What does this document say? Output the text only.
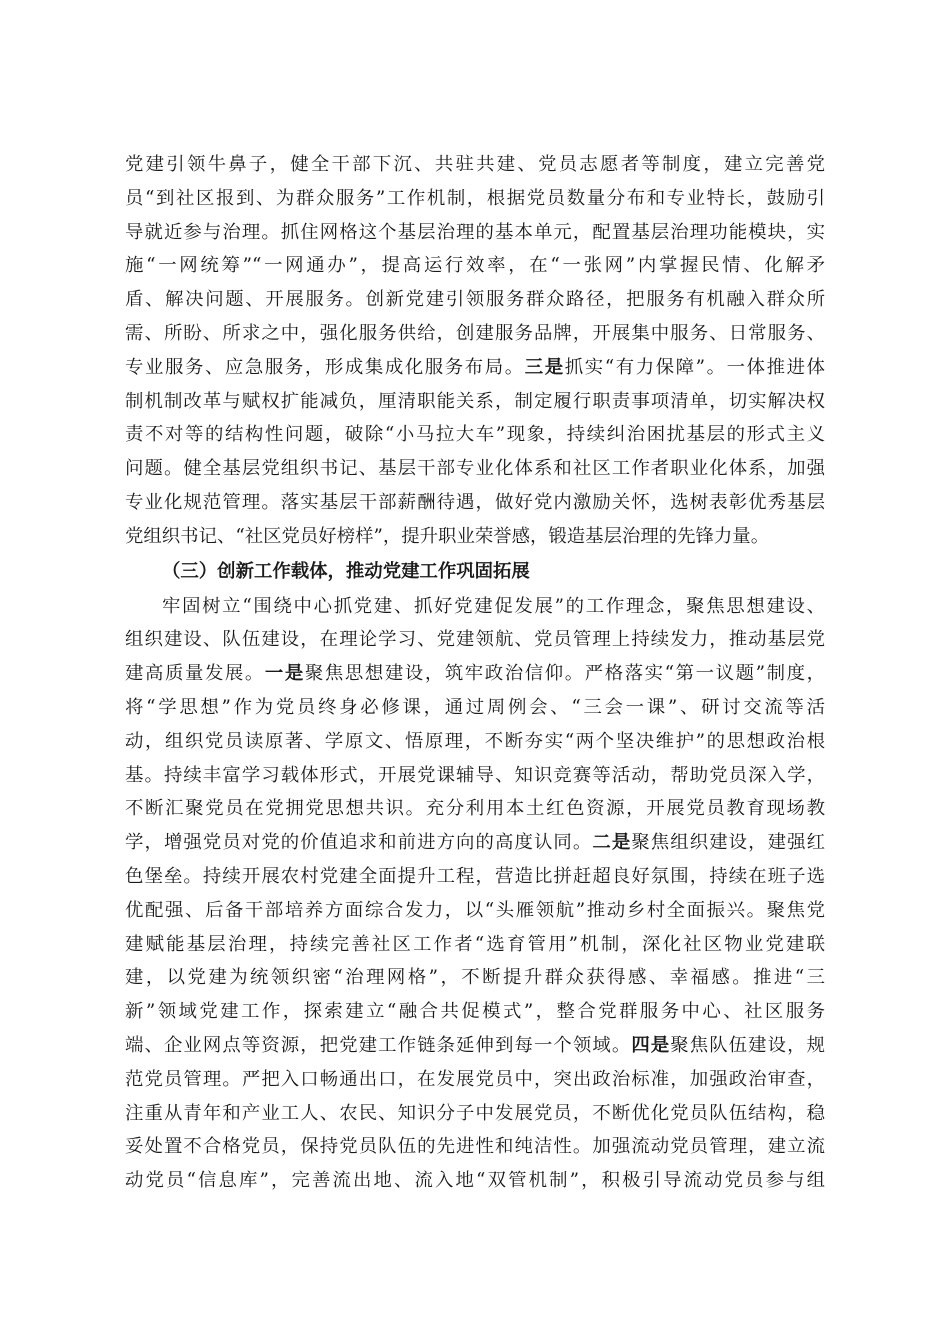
党建引领牛鼻子，健全干部下沉、共驻共建、党员志愿者等制度，建立完善党
员“到社区报到、为群众服务”工作机制，根据党员数量分布和专业特长，鼓励引
导就近参与治理。抓住网格这个基层治理的基本单元，配置基层治理功能模块，实
施“一网统筹”“一网通办”，提高运行效率，在“一张网”内掌握民情、化解矛
盾、解决问题、开展服务。创新党建引领服务群众路径，把服务有机融入群众所
需、所盼、所求之中，强化服务供给，创建服务品牌，开展集中服务、日常服务、
专业服务、应急服务，形成集成化服务布局。三是抓实“有力保障”。一体推进体
制机制改革与赋权扩能减负，厘清职能关系，制定履行职责事项清单，切实解决权
责不对等的结构性问题，破除“小马拉大车”现象，持续纠治困扰基层的形式主义
问题。健全基层党组织书记、基层干部专业化体系和社区工作者职业化体系，加强
专业化规范管理。落实基层干部薪酬待遇，做好党内激励关怀，选树表彰优秀基层
党组织书记、“社区党员好榜样”，提升职业荣誉感，锻造基层治理的先锋力量。
（三）创新工作载体，推动党建工作巩固拓展
牢固树立“围绕中心抓党建、抓好党建促发展”的工作理念，聚焦思想建设、
组织建设、队伍建设，在理论学习、党建领航、党员管理上持续发力，推动基层党
建高质量发展。一是聚焦思想建设，筑牢政治信仰。严格落实“第一议题”制度，
将“学思想”作为党员终身必修课，通过周例会、“三会一课”、研讨交流等活
动，组织党员读原著、学原文、悟原理，不断夯实“两个坚决维护”的思想政治根
基。持续丰富学习载体形式，开展党课辅导、知识竞赛等活动，帮助党员深入学，
不断汇聚党员在党拥党思想共识。充分利用本土红色资源，开展党员教育现场教
学，增强党员对党的价值追求和前进方向的高度认同。二是聚焦组织建设，建强红
色堡垒。持续开展农村党建全面提升工程，营造比拼赶超良好氛围，持续在班子选
优配强、后备干部培养方面综合发力，以“头雁领航”推动乡村全面振兴。聚焦党
建赋能基层治理，持续完善社区工作者“选育管用”机制，深化社区物业党建联
建，以党建为统领织密“治理网格”，不断提升群众获得感、幸福感。推进“三
新”领域党建工作，探索建立“融合共促模式”，整合党群服务中心、社区服务
端、企业网点等资源，把党建工作链条延伸到每一个领域。四是聚焦队伍建设，规
范党员管理。严把入口畅通出口，在发展党员中，突出政治标准，加强政治审查，
注重从青年和产业工人、农民、知识分子中发展党员，不断优化党员队伍结构，稳
妥处置不合格党员，保持党员队伍的先进性和纯洁性。加强流动党员管理，建立流
动党员“信息库”，完善流出地、流入地“双管机制”，积极引导流动党员参与组
